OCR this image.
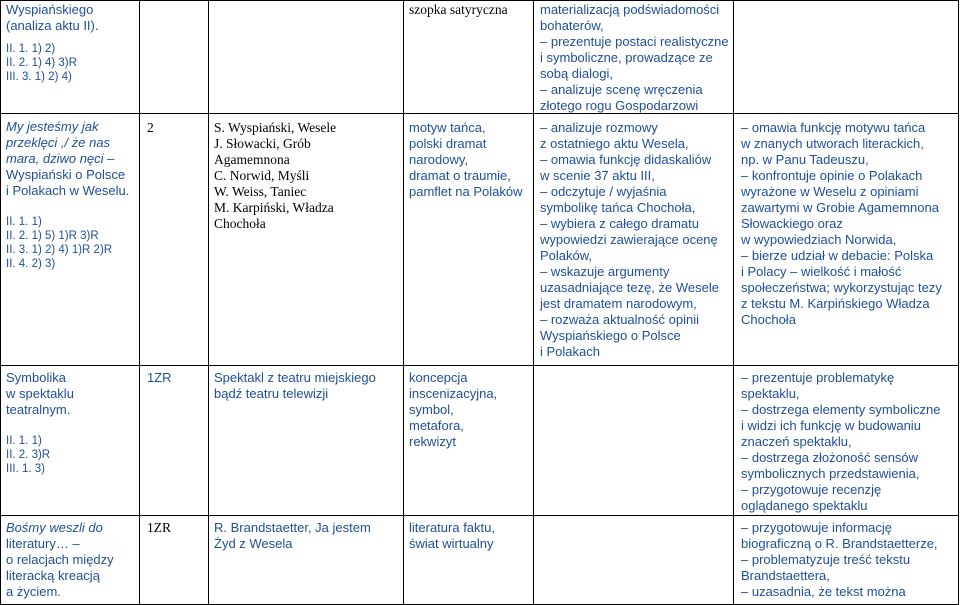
Wyspiańskiego
(analiza aktu II).
II. 1. 1) 2)
II. 2. 1) 4) 3)R
III. 3. 1) 2) 4)
My jesteśmy jak
przeklęci ,/ że nas
mara, dziwo nęci –
Wyspiański o Polsce
i Polakach w Weselu.
II. 1. 1)
II. 2. 1) 5) 1)R 3)R
II. 3. 1) 2) 4) 1)R 2)R
II. 4. 2) 3)
Symbolika
w spektaklu
teatralnym.
II. 1. 1)
II. 2. 3)R
III. 1. 3)
Bośmy weszli do
literatury… –
o relacjach między
literacką kreacją
a życiem.
2
1ZR
1ZR
S. Wyspiański, Wesele
J. Słowacki, Grób
Agamemnona
C. Norwid, Myśli
W. Weiss, Taniec
M. Karpiński, Władza
Chochoła
Spektakl z teatru miejskiego
bądź teatru telewizji
R. Brandstaetter, Ja jestem
Żyd z Wesela
szopka satyryczna
motyw tańca,
polski dramat
narodowy,
dramat o traumie,
pamflet na Polaków
koncepcja
inscenizacyjna,
symbol,
metafora,
rekwizyt
literatura faktu,
świat wirtualny
materializacją podświadomości
bohaterów,
– prezentuje postaci realistyczne
i symboliczne, prowadzące ze
sobą dialogi,
– analizuje scenę wręczenia
złotego rogu Gospodarzowi
– analizuje rozmowy
z ostatniego aktu Wesela,
– omawia funkcję didaskaliów
w scenie 37 aktu III,
– odczytuje / wyjaśnia
symbolikę tańca Chochoła,
– wybiera z całego dramatu
wypowiedzi zawierające ocenę
Polaków,
– wskazuje argumenty
uzasadniające tezę, że Wesele
jest dramatem narodowym,
– rozważa aktualność opinii
Wyspiańskiego o Polsce
i Polakach
– omawia funkcję motywu tańca
w znanych utworach literackich,
np. w Panu Tadeuszu,
– konfrontuje opinie o Polakach
wyrażone w Weselu z opiniami
zawartymi w Grobie Agamemnona
Słowackiego oraz
w wypowiedziach Norwida,
– bierze udział w debacie: Polska
i Polacy – wielkość i małość
społeczeństwa; wykorzystując tezy
z tekstu M. Karpińskiego Władza
Chochoła
– prezentuje problematykę
spektaklu,
– dostrzega elementy symboliczne
i widzi ich funkcję w budowaniu
znaczeń spektaklu,
– dostrzega złożoność sensów
symbolicznych przedstawienia,
– przygotowuje recenzję
oglądanego spektaklu
– przygotowuje informację
biograficzną o R. Brandstaetterze,
– problematyzuje treść tekstu
Brandstaettera,
– uzasadnia, że tekst można
